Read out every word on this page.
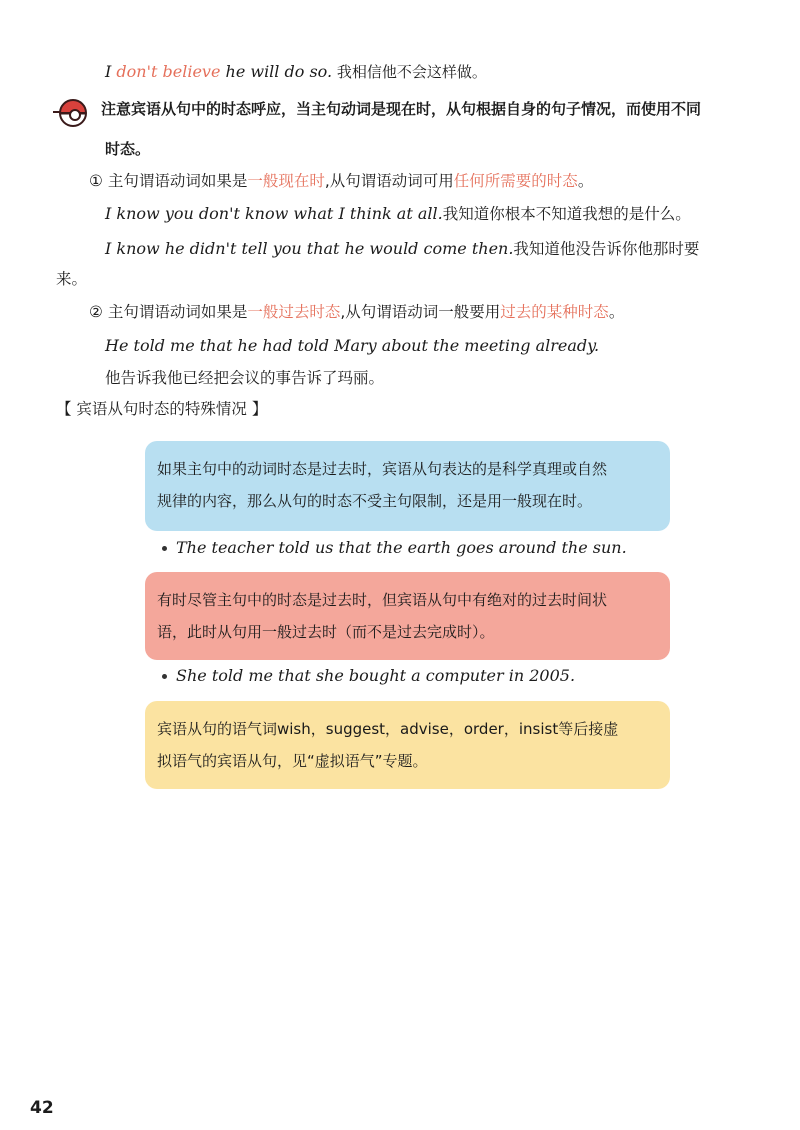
I don't believe he will do so. 我相信他不会这样做。
注意宾语从句中的时态呼应，当主句动词是现在时，从句根据自身的句子情况，而使用不同
时态。
① 主句谓语动词如果是一般现在时,从句谓语动词可用任何所需要的时态。
I know you don't know what I think at all.我知道你根本不知道我想的是什么。
I know he didn't tell you that he would come then.我知道他没告诉你他那时要
来。
② 主句谓语动词如果是一般过去时态,从句谓语动词一般要用过去的某种时态。
He told me that he had told Mary about the meeting already.
他告诉我他已经把会议的事告诉了玛丽。
【 宾语从句时态的特殊情况 】
如果主句中的动词时态是过去时，宾语从句表达的是科学真理或自然
规律的内容，那么从句的时态不受主句限制，还是用一般现在时。
The teacher told us that the earth goes around the sun.
有时尽管主句中的时态是过去时，但宾语从句中有绝对的过去时间状
语，此时从句用一般过去时（而不是过去完成时）。
She told me that she bought a computer in 2005.
宾语从句的语气词wish，suggest，advise，order，insist等后接虚
拟语气的宾语从句，见“虚拟语气”专题。
42
